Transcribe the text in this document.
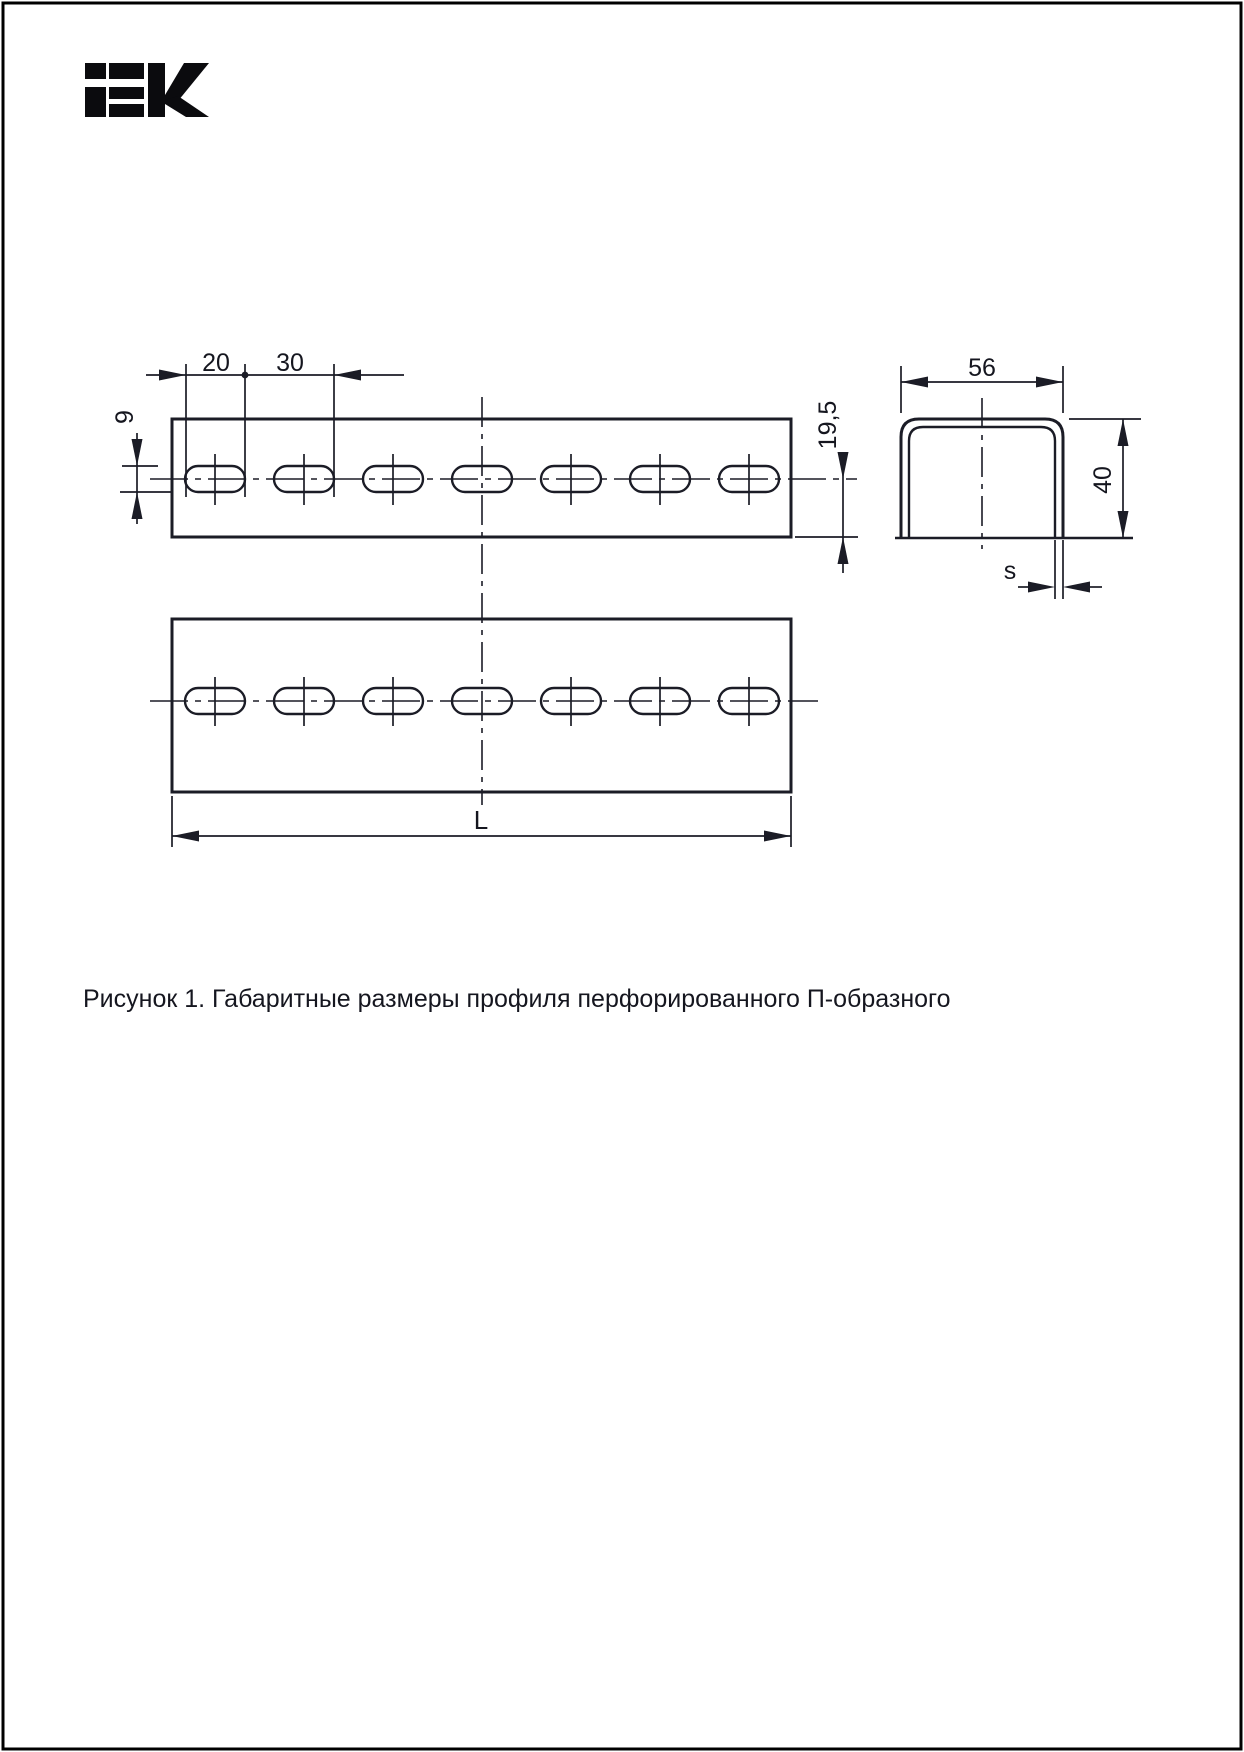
20 30
9	19,5
56
40
s
L
Рисунок 1. Габаритные размеры профиля перфорированного П-образного
